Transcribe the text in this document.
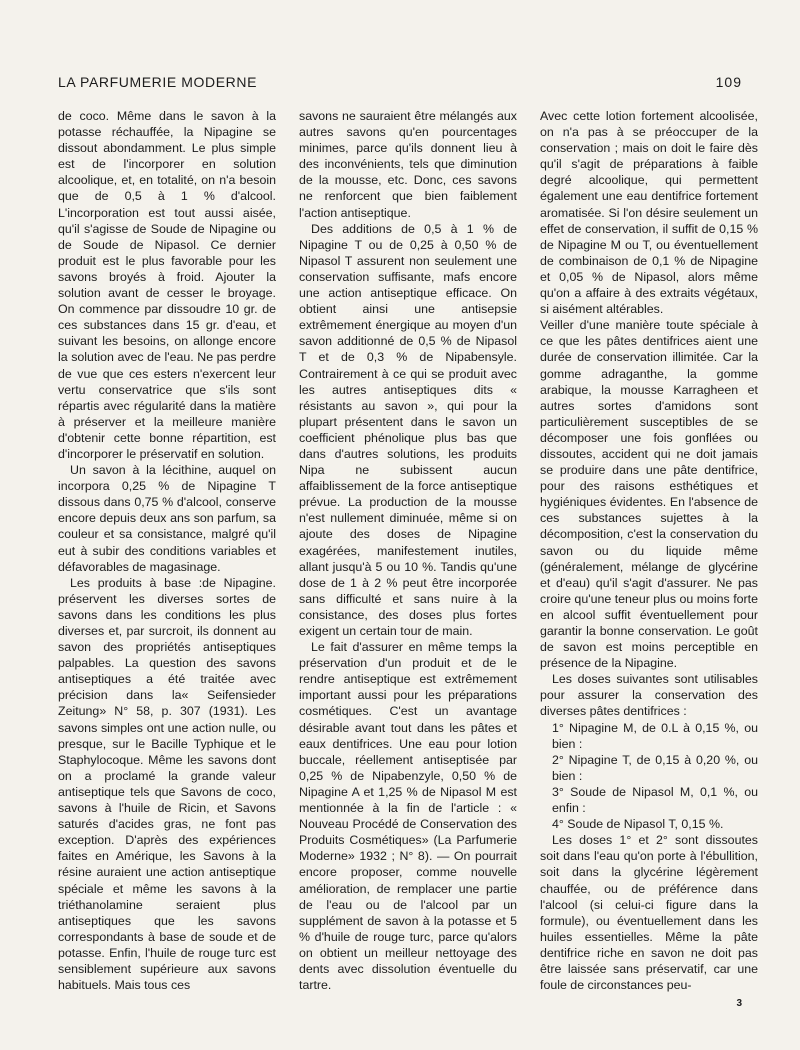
LA PARFUMERIE MODERNE	109

de coco. Même dans le savon à la potasse réchauffée, la Nipagine se dissout abondamment. Le plus simple est de l'incorporer en solution alcoolique, et, en totalité, on n'a besoin que de 0,5 à 1 % d'alcool. L'incorporation est tout aussi aisée, qu'il s'agisse de Soude de Nipagine ou de Soude de Nipasol. Ce dernier produit est le plus favorable pour les savons broyés à froid. Ajouter la solution avant de cesser le broyage. On commence par dissoudre 10 gr. de ces substances dans 15 gr. d'eau, et suivant les besoins, on allonge encore la solution avec de l'eau. Ne pas perdre de vue que ces esters n'exercent leur vertu conservatrice que s'ils sont répartis avec régularité dans la matière à préserver et la meilleure manière d'obtenir cette bonne répartition, est d'incorporer le préservatif en solution.

Un savon à la lécithine, auquel on incorpora 0,25 % de Nipagine T dissous dans 0,75 % d'alcool, conserve encore depuis deux ans son parfum, sa couleur et sa consistance, malgré qu'il eut à subir des conditions variables et défavorables de magasinage.

Les produits à base :de Nipagine. préservent les diverses sortes de savons dans les conditions les plus diverses et, par surcroit, ils donnent au savon des propriétés antiseptiques palpables. La question des savons antiseptiques a été traitée avec précision dans la« Seifensieder Zeitung» N° 58, p. 307 (1931). Les savons simples ont une action nulle, ou presque, sur le Bacille Typhique et le Staphylocoque. Même les savons dont on a proclamé la grande valeur antiseptique tels que Savons de coco, savons à l'huile de Ricin, et Savons saturés d'acides gras, ne font pas exception. D'après des expériences faites en Amérique, les Savons à la résine auraient une action antiseptique spéciale et même les savons à la triéthanolamine seraient plus antiseptiques que les savons correspondants à base de soude et de potasse. Enfin, l'huile de rouge turc est sensiblement supérieure aux savons habituels. Mais tous ces

savons ne sauraient être mélangés aux autres savons qu'en pourcentages minimes, parce qu'ils donnent lieu à des inconvénients, tels que diminution de la mousse, etc. Donc, ces savons ne renforcent que bien faiblement l'action antiseptique.

Des additions de 0,5 à 1 % de Nipagine T ou de 0,25 à 0,50 % de Nipasol T assurent non seulement une conservation suffisante, mafs encore une action antiseptique efficace. On obtient ainsi une antisepsie extrêmement énergique au moyen d'un savon additionné de 0,5 % de Nipasol T et de 0,3 % de Nipabensyle. Contrairement à ce qui se produit avec les autres antiseptiques dits « résistants au savon », qui pour la plupart présentent dans le savon un coefficient phénolique plus bas que dans d'autres solutions, les produits Nipa ne subissent aucun affaiblissement de la force antiseptique prévue. La production de la mousse n'est nullement diminuée, même si on ajoute des doses de Nipagine exagérées, manifestement inutiles, allant jusqu'à 5 ou 10 %. Tandis qu'une dose de 1 à 2 % peut être incorporée sans difficulté et sans nuire à la consistance, des doses plus fortes exigent un certain tour de main.

Le fait d'assurer en même temps la préservation d'un produit et de le rendre antiseptique est extrêmement important aussi pour les préparations cosmétiques. C'est un avantage désirable avant tout dans les pâtes et eaux dentifrices. Une eau pour lotion buccale, réellement antiseptisée par 0,25 % de Nipabenzyle, 0,50 % de Nipagine A et 1,25 % de Nipasol M est mentionnée à la fin de l'article : « Nouveau Procédé de Conservation des Produits Cosmétiques» (La Parfumerie Moderne» 1932 ; N° 8). — On pourrait encore proposer, comme nouvelle amélioration, de remplacer une partie de l'eau ou de l'alcool par un supplément de savon à la potasse et 5 % d'huile de rouge turc, parce qu'alors on obtient un meilleur nettoyage des dents avec dissolution éventuelle du tartre.

Avec cette lotion fortement alcoolisée, on n'a pas à se préoccuper de la conservation ; mais on doit le faire dès qu'il s'agit de préparations à faible degré alcoolique, qui permettent également une eau dentifrice fortement aromatisée. Si l'on désire seulement un effet de conservation, il suffit de 0,15 % de Nipagine M ou T, ou éventuellement de combinaison de 0,1 % de Nipagine et 0,05 % de Nipasol, alors même qu'on a affaire à des extraits végétaux, si aisément altérables.

Veiller d'une manière toute spéciale à ce que les pâtes dentifrices aient une durée de conservation illimitée. Car la gomme adraganthe, la gomme arabique, la mousse Karragheen et autres sortes d'amidons sont particulièrement susceptibles de se décomposer une fois gonflées ou dissoutes, accident qui ne doit jamais se produire dans une pâte dentifrice, pour des raisons esthétiques et hygiéniques évidentes. En l'absence de ces substances sujettes à la décomposition, c'est la conservation du savon ou du liquide même (généralement, mélange de glycérine et d'eau) qu'il s'agit d'assurer. Ne pas croire qu'une teneur plus ou moins forte en alcool suffit éventuellement pour garantir la bonne conservation. Le goût de savon est moins perceptible en présence de la Nipagine.

Les doses suivantes sont utilisables pour assurer la conservation des diverses pâtes dentifrices :

1° Nipagine M, de 0.L à 0,15 %, ou bien :

2° Nipagine T, de 0,15 à 0,20 %, ou bien :

3° Soude de Nipasol M, 0,1 %, ou enfin :

4° Soude de Nipasol T, 0,15 %.

Les doses 1° et 2° sont dissoutes soit dans l'eau qu'on porte à l'ébullition, soit dans la glycérine légèrement chauffée, ou de préférence dans l'alcool (si celui-ci figure dans la formule), ou éventuellement dans les huiles essentielles. Même la pâte dentifrice riche en savon ne doit pas être laissée sans préservatif, car une foule de circonstances peu-

3
